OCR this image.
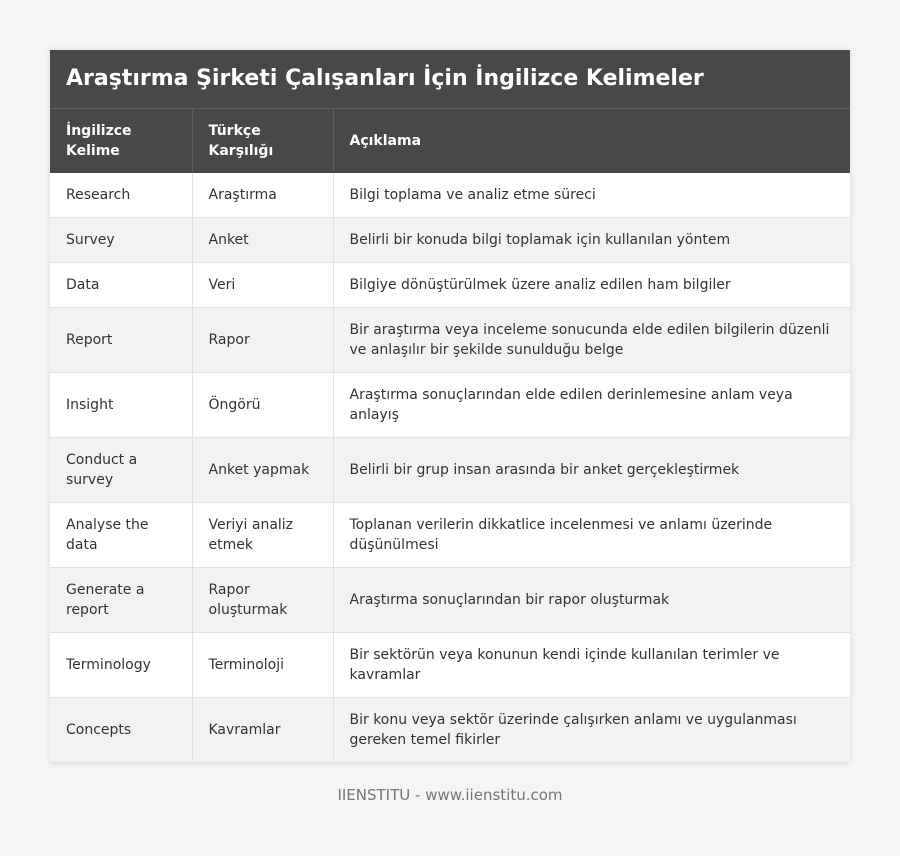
Araştırma Şirketi Çalışanları İçin İngilizce Kelimeler
İngilizce Kelime	Türkçe Karşılığı	Açıklama
Research	Araştırma	Bilgi toplama ve analiz etme süreci
Survey	Anket	Belirli bir konuda bilgi toplamak için kullanılan yöntem
Data	Veri	Bilgiye dönüştürülmek üzere analiz edilen ham bilgiler
Report	Rapor	Bir araştırma veya inceleme sonucunda elde edilen bilgilerin düzenli ve anlaşılır bir şekilde sunulduğu belge
Insight	Öngörü	Araştırma sonuçlarından elde edilen derinlemesine anlam veya anlayış
Conduct a survey	Anket yapmak	Belirli bir grup insan arasında bir anket gerçekleştirmek
Analyse the data	Veriyi analiz etmek	Toplanan verilerin dikkatlice incelenmesi ve anlamı üzerinde düşünülmesi
Generate a report	Rapor oluşturmak	Araştırma sonuçlarından bir rapor oluşturmak
Terminology	Terminoloji	Bir sektörün veya konunun kendi içinde kullanılan terimler ve kavramlar
Concepts	Kavramlar	Bir konu veya sektör üzerinde çalışırken anlamı ve uygulanması gereken temel fikirler
IIENSTITU - www.iienstitu.com
